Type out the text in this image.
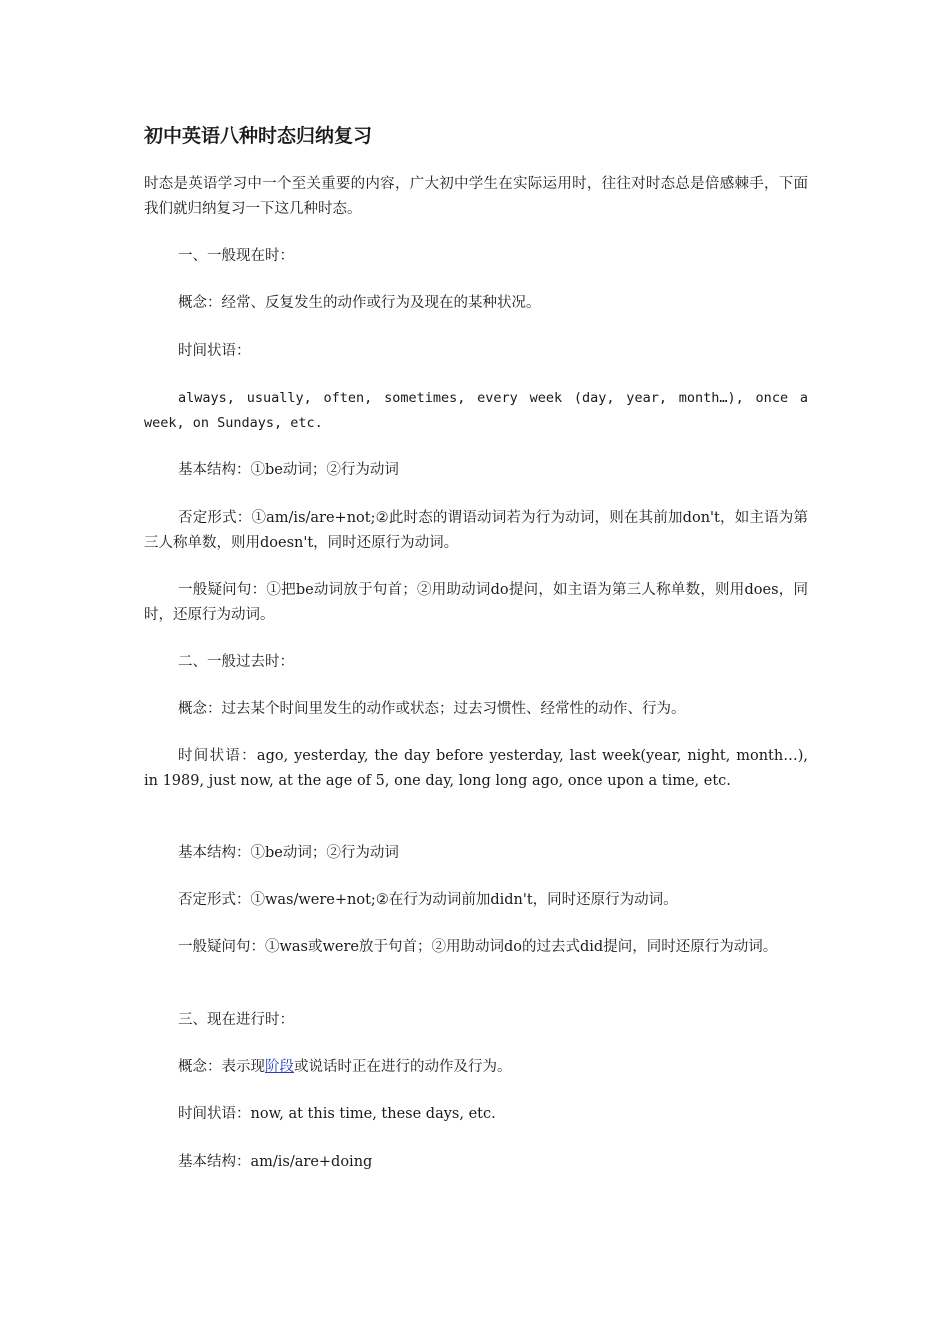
初中英语八种时态归纳复习

时态是英语学习中一个至关重要的内容，广大初中学生在实际运用时，往往对时态总是倍感棘手，下面我们就归纳复习一下这几种时态。

一、一般现在时：

概念：经常、反复发生的动作或行为及现在的某种状况。

时间状语：

always, usually, often, sometimes, every week (day, year, month…), once a week, on Sundays, etc.

基本结构：①be动词；②行为动词

否定形式：①am/is/are+not;②此时态的谓语动词若为行为动词，则在其前加don't，如主语为第三人称单数，则用doesn't，同时还原行为动词。

一般疑问句：①把be动词放于句首；②用助动词do提问，如主语为第三人称单数，则用does，同时，还原行为动词。

二、一般过去时：

概念：过去某个时间里发生的动作或状态；过去习惯性、经常性的动作、行为。

时间状语：ago, yesterday, the day before yesterday, last week(year, night, month…), in 1989, just now, at the age of 5, one day, long long ago, once upon a time, etc.

基本结构：①be动词；②行为动词

否定形式：①was/were+not;②在行为动词前加didn't，同时还原行为动词。

一般疑问句：①was或were放于句首；②用助动词do的过去式did提问，同时还原行为动词。

三、现在进行时：

概念：表示现阶段或说话时正在进行的动作及行为。

时间状语：now, at this time, these days, etc.

基本结构：am/is/are+doing
